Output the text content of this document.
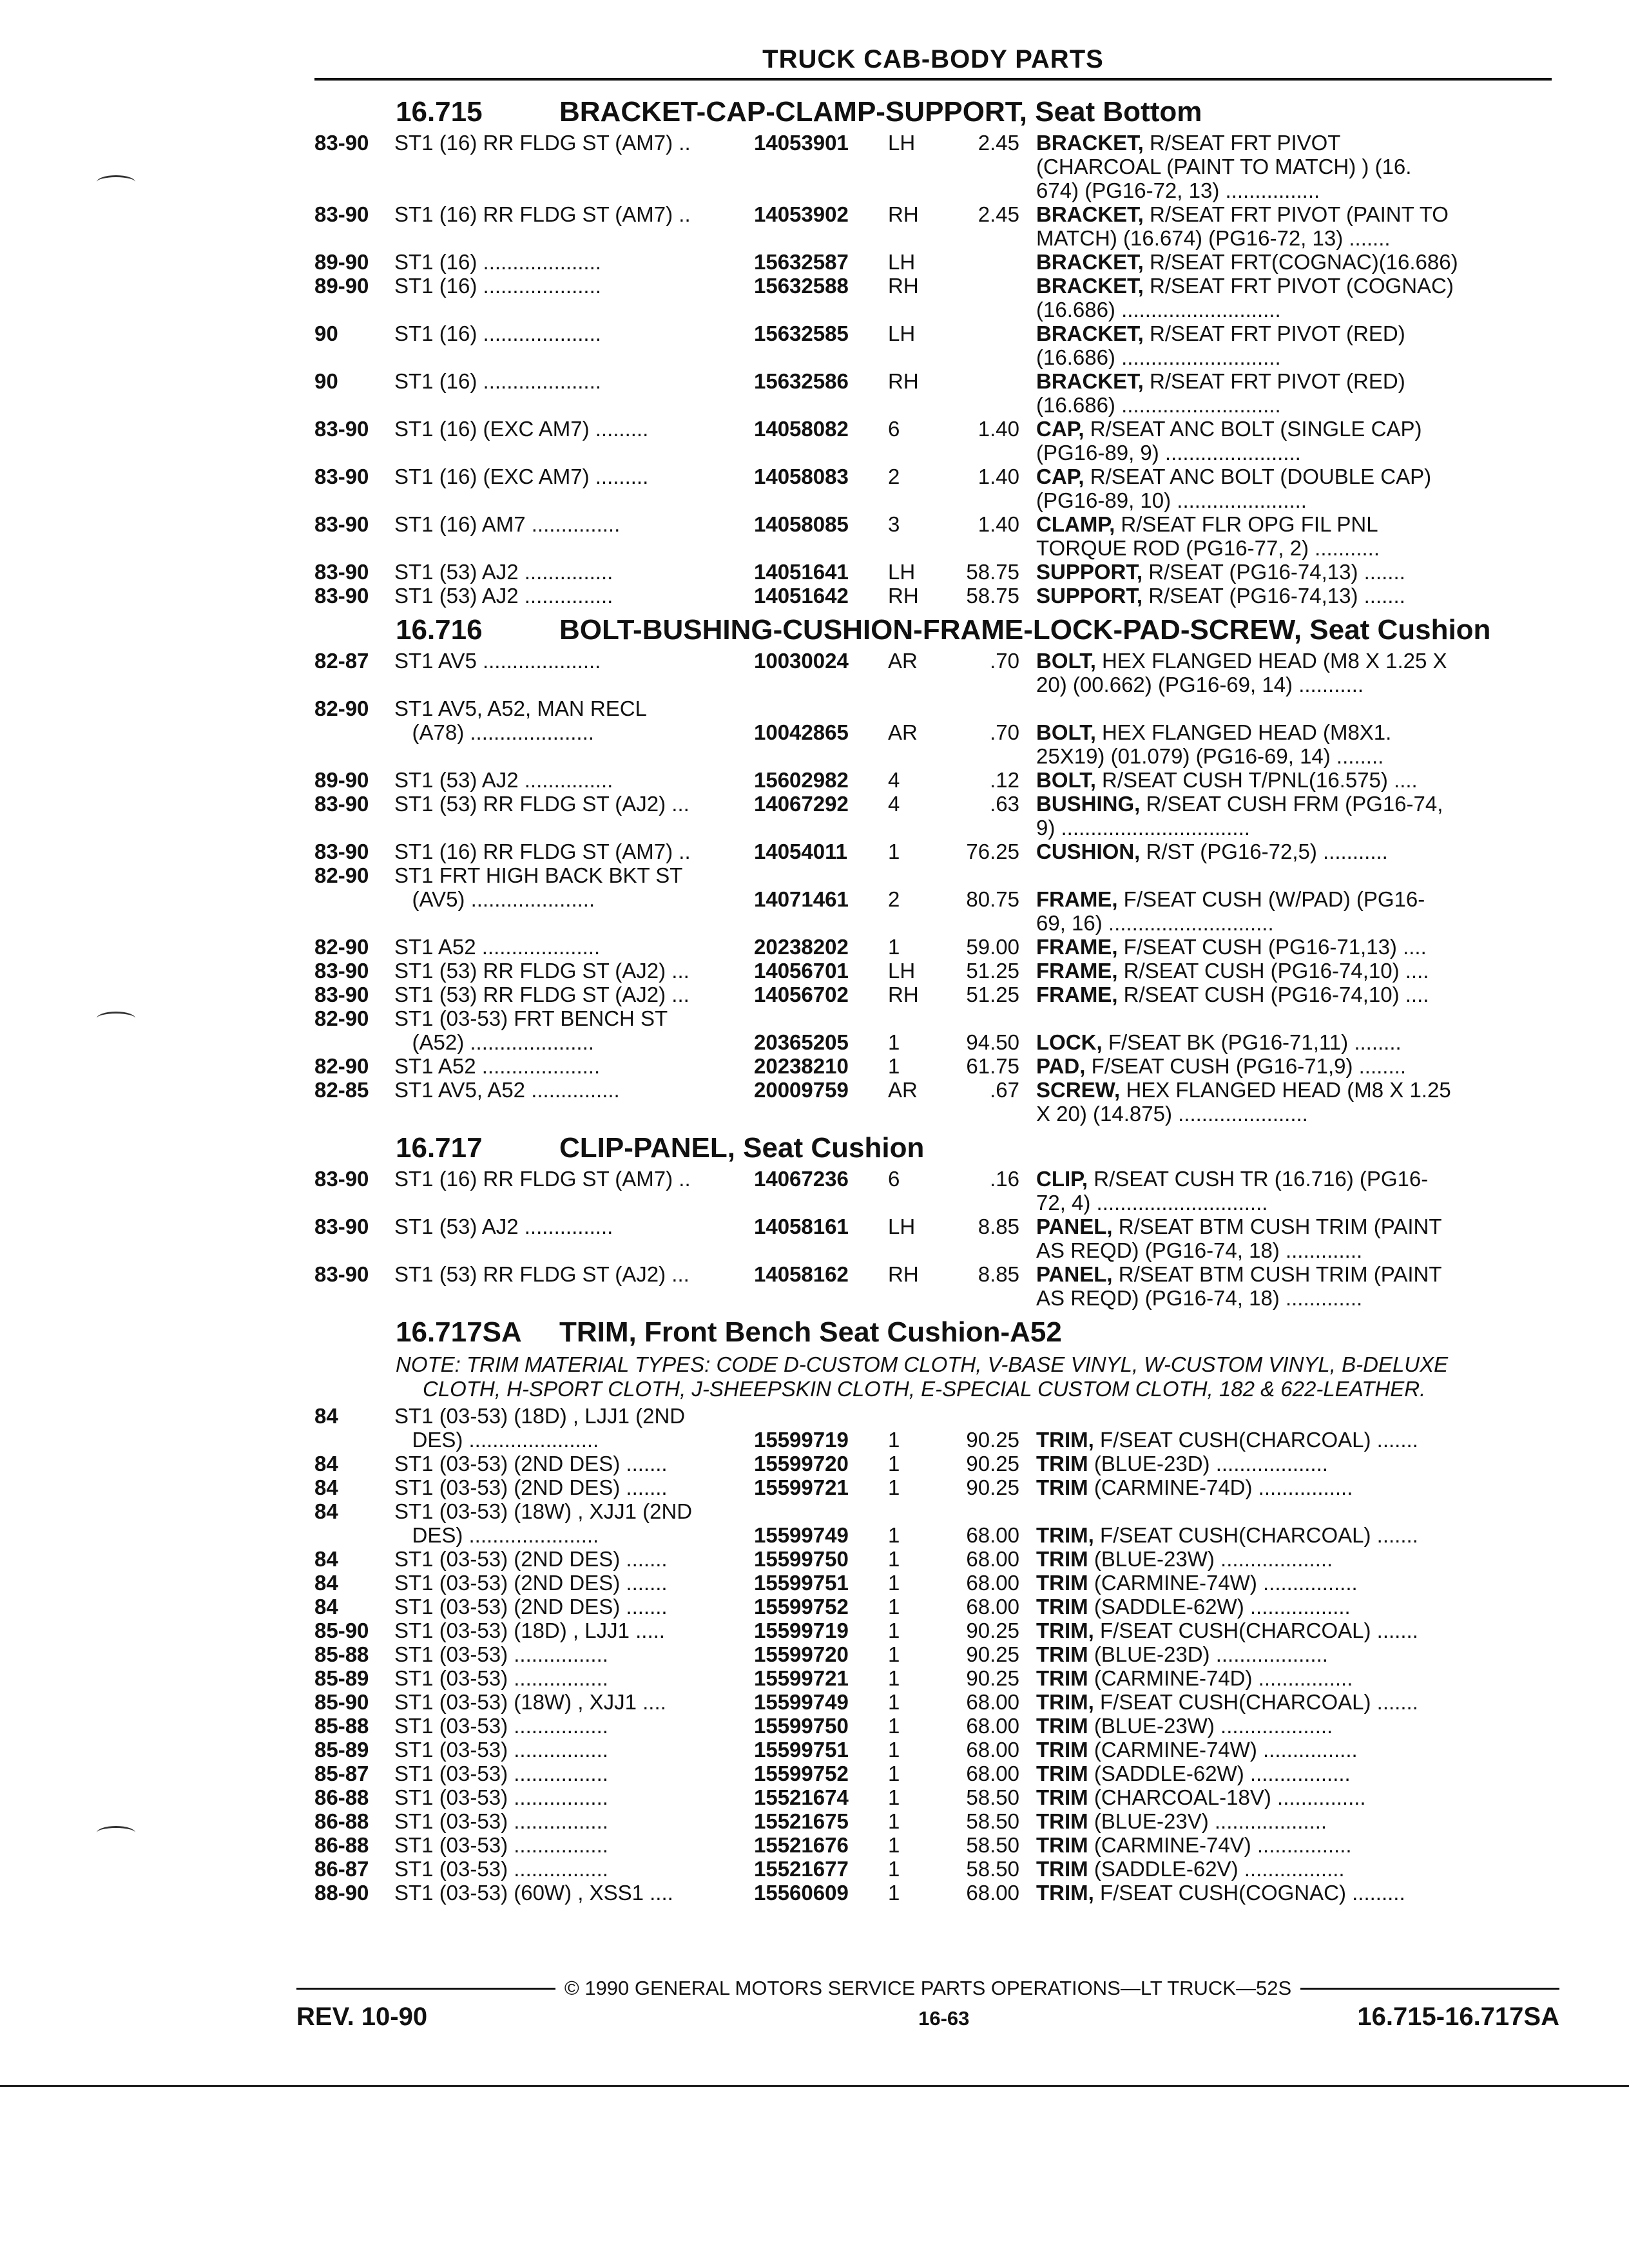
TRUCK CAB-BODY PARTS
16.715	BRACKET-CAP-CLAMP-SUPPORT, Seat Bottom
83-90	ST1 (16) RR FLDG ST (AM7) ..	14053901	LH	2.45 BRACKET, R/SEAT FRT PIVOT
(CHARCOAL (PAINT TO MATCH) ) (16.
674) (PG16-72, 13) ................
83-90	ST1 (16) RR FLDG ST (AM7) ..	14053902	RH	2.45 BRACKET, R/SEAT FRT PIVOT (PAINT TO
MATCH) (16.674) (PG16-72, 13) .......
89-90	ST1 (16) ....................	15632587	LH	BRACKET, R/SEAT FRT(COGNAC)(16.686)
89-90	ST1 (16) ....................	15632588	RH	BRACKET, R/SEAT FRT PIVOT (COGNAC)
(16.686) ...........................
90	ST1 (16) ....................	15632585	LH	BRACKET, R/SEAT FRT PIVOT (RED)
(16.686) ...........................
90	ST1 (16) ....................	15632586	RH	BRACKET, R/SEAT FRT PIVOT (RED)
(16.686) ...........................
83-90	ST1 (16) (EXC AM7) .........	14058082	6	1.40 CAP, R/SEAT ANC BOLT (SINGLE CAP)
(PG16-89, 9) .......................
83-90	ST1 (16) (EXC AM7) .........	14058083	2	1.40 CAP, R/SEAT ANC BOLT (DOUBLE CAP)
(PG16-89, 10) ......................
83-90	ST1 (16) AM7 ...............	14058085	3	1.40 CLAMP, R/SEAT FLR OPG FIL PNL
TORQUE ROD (PG16-77, 2) ...........
83-90	ST1 (53) AJ2 ...............	14051641	LH	58.75 SUPPORT, R/SEAT (PG16-74,13) .......
83-90	ST1 (53) AJ2 ...............	14051642	RH	58.75 SUPPORT, R/SEAT (PG16-74,13) .......
16.716	BOLT-BUSHING-CUSHION-FRAME-LOCK-PAD-SCREW, Seat Cushion
82-87	ST1 AV5 ....................	10030024	AR	.70 BOLT, HEX FLANGED HEAD (M8 X 1.25 X
20) (00.662) (PG16-69, 14) ...........
82-90	ST1 AV5, A52, MAN RECL
(A78) .....................	10042865	AR	.70 BOLT, HEX FLANGED HEAD (M8X1.
25X19) (01.079) (PG16-69, 14) ........
89-90	ST1 (53) AJ2 ...............	15602982	4	.12 BOLT, R/SEAT CUSH T/PNL(16.575) ....
83-90	ST1 (53) RR FLDG ST (AJ2) ...	14067292	4	.63 BUSHING, R/SEAT CUSH FRM (PG16-74,
9) ................................
83-90	ST1 (16) RR FLDG ST (AM7) ..	14054011	1	76.25 CUSHION, R/ST (PG16-72,5) ...........
82-90	ST1 FRT HIGH BACK BKT ST
(AV5) .....................	14071461	2	80.75 FRAME, F/SEAT CUSH (W/PAD) (PG16-
69, 16) ............................
82-90	ST1 A52 ....................	20238202	1	59.00 FRAME, F/SEAT CUSH (PG16-71,13) ....
83-90	ST1 (53) RR FLDG ST (AJ2) ...	14056701	LH	51.25 FRAME, R/SEAT CUSH (PG16-74,10) ....
83-90	ST1 (53) RR FLDG ST (AJ2) ...	14056702	RH	51.25 FRAME, R/SEAT CUSH (PG16-74,10) ....
82-90	ST1 (03-53) FRT BENCH ST
(A52) .....................	20365205	1	94.50 LOCK, F/SEAT BK (PG16-71,11) ........
82-90	ST1 A52 ....................	20238210	1	61.75 PAD, F/SEAT CUSH (PG16-71,9) ........
82-85	ST1 AV5, A52 ...............	20009759	AR	.67 SCREW, HEX FLANGED HEAD (M8 X 1.25
X 20) (14.875) ......................
16.717	CLIP-PANEL, Seat Cushion
83-90	ST1 (16) RR FLDG ST (AM7) ..	14067236	6	.16 CLIP, R/SEAT CUSH TR (16.716) (PG16-
72, 4) .............................
83-90	ST1 (53) AJ2 ...............	14058161	LH	8.85 PANEL, R/SEAT BTM CUSH TRIM (PAINT
AS REQD) (PG16-74, 18) .............
83-90	ST1 (53) RR FLDG ST (AJ2) ...	14058162	RH	8.85 PANEL, R/SEAT BTM CUSH TRIM (PAINT
AS REQD) (PG16-74, 18) .............
16.717SA	TRIM, Front Bench Seat Cushion-A52
NOTE: TRIM MATERIAL TYPES: CODE D-CUSTOM CLOTH, V-BASE VINYL, W-CUSTOM VINYL, B-DELUXE
CLOTH, H-SPORT CLOTH, J-SHEEPSKIN CLOTH, E-SPECIAL CUSTOM CLOTH, 182 & 622-LEATHER.
84	ST1 (03-53) (18D) , LJJ1 (2ND
DES) ......................	15599719	1	90.25 TRIM, F/SEAT CUSH(CHARCOAL) .......
84	ST1 (03-53) (2ND DES) .......	15599720	1	90.25 TRIM (BLUE-23D) ...................
84	ST1 (03-53) (2ND DES) .......	15599721	1	90.25 TRIM (CARMINE-74D) ................
84	ST1 (03-53) (18W) , XJJ1 (2ND
DES) ......................	15599749	1	68.00 TRIM, F/SEAT CUSH(CHARCOAL) .......
84	ST1 (03-53) (2ND DES) .......	15599750	1	68.00 TRIM (BLUE-23W) ...................
84	ST1 (03-53) (2ND DES) .......	15599751	1	68.00 TRIM (CARMINE-74W) ................
84	ST1 (03-53) (2ND DES) .......	15599752	1	68.00 TRIM (SADDLE-62W) .................
85-90	ST1 (03-53) (18D) , LJJ1 .....	15599719	1	90.25 TRIM, F/SEAT CUSH(CHARCOAL) .......
85-88	ST1 (03-53) ................	15599720	1	90.25 TRIM (BLUE-23D) ...................
85-89	ST1 (03-53) ................	15599721	1	90.25 TRIM (CARMINE-74D) ................
85-90	ST1 (03-53) (18W) , XJJ1 ....	15599749	1	68.00 TRIM, F/SEAT CUSH(CHARCOAL) .......
85-88	ST1 (03-53) ................	15599750	1	68.00 TRIM (BLUE-23W) ...................
85-89	ST1 (03-53) ................	15599751	1	68.00 TRIM (CARMINE-74W) ................
85-87	ST1 (03-53) ................	15599752	1	68.00 TRIM (SADDLE-62W) .................
86-88	ST1 (03-53) ................	15521674	1	58.50 TRIM (CHARCOAL-18V) ...............
86-88	ST1 (03-53) ................	15521675	1	58.50 TRIM (BLUE-23V) ...................
86-88	ST1 (03-53) ................	15521676	1	58.50 TRIM (CARMINE-74V) ................
86-87	ST1 (03-53) ................	15521677	1	58.50 TRIM (SADDLE-62V) .................
88-90	ST1 (03-53) (60W) , XSS1 ....	15560609	1	68.00 TRIM, F/SEAT CUSH(COGNAC) .........
© 1990 GENERAL MOTORS SERVICE PARTS OPERATIONS—LT TRUCK—52S
REV. 10-90	16-63	16.715-16.717SA
